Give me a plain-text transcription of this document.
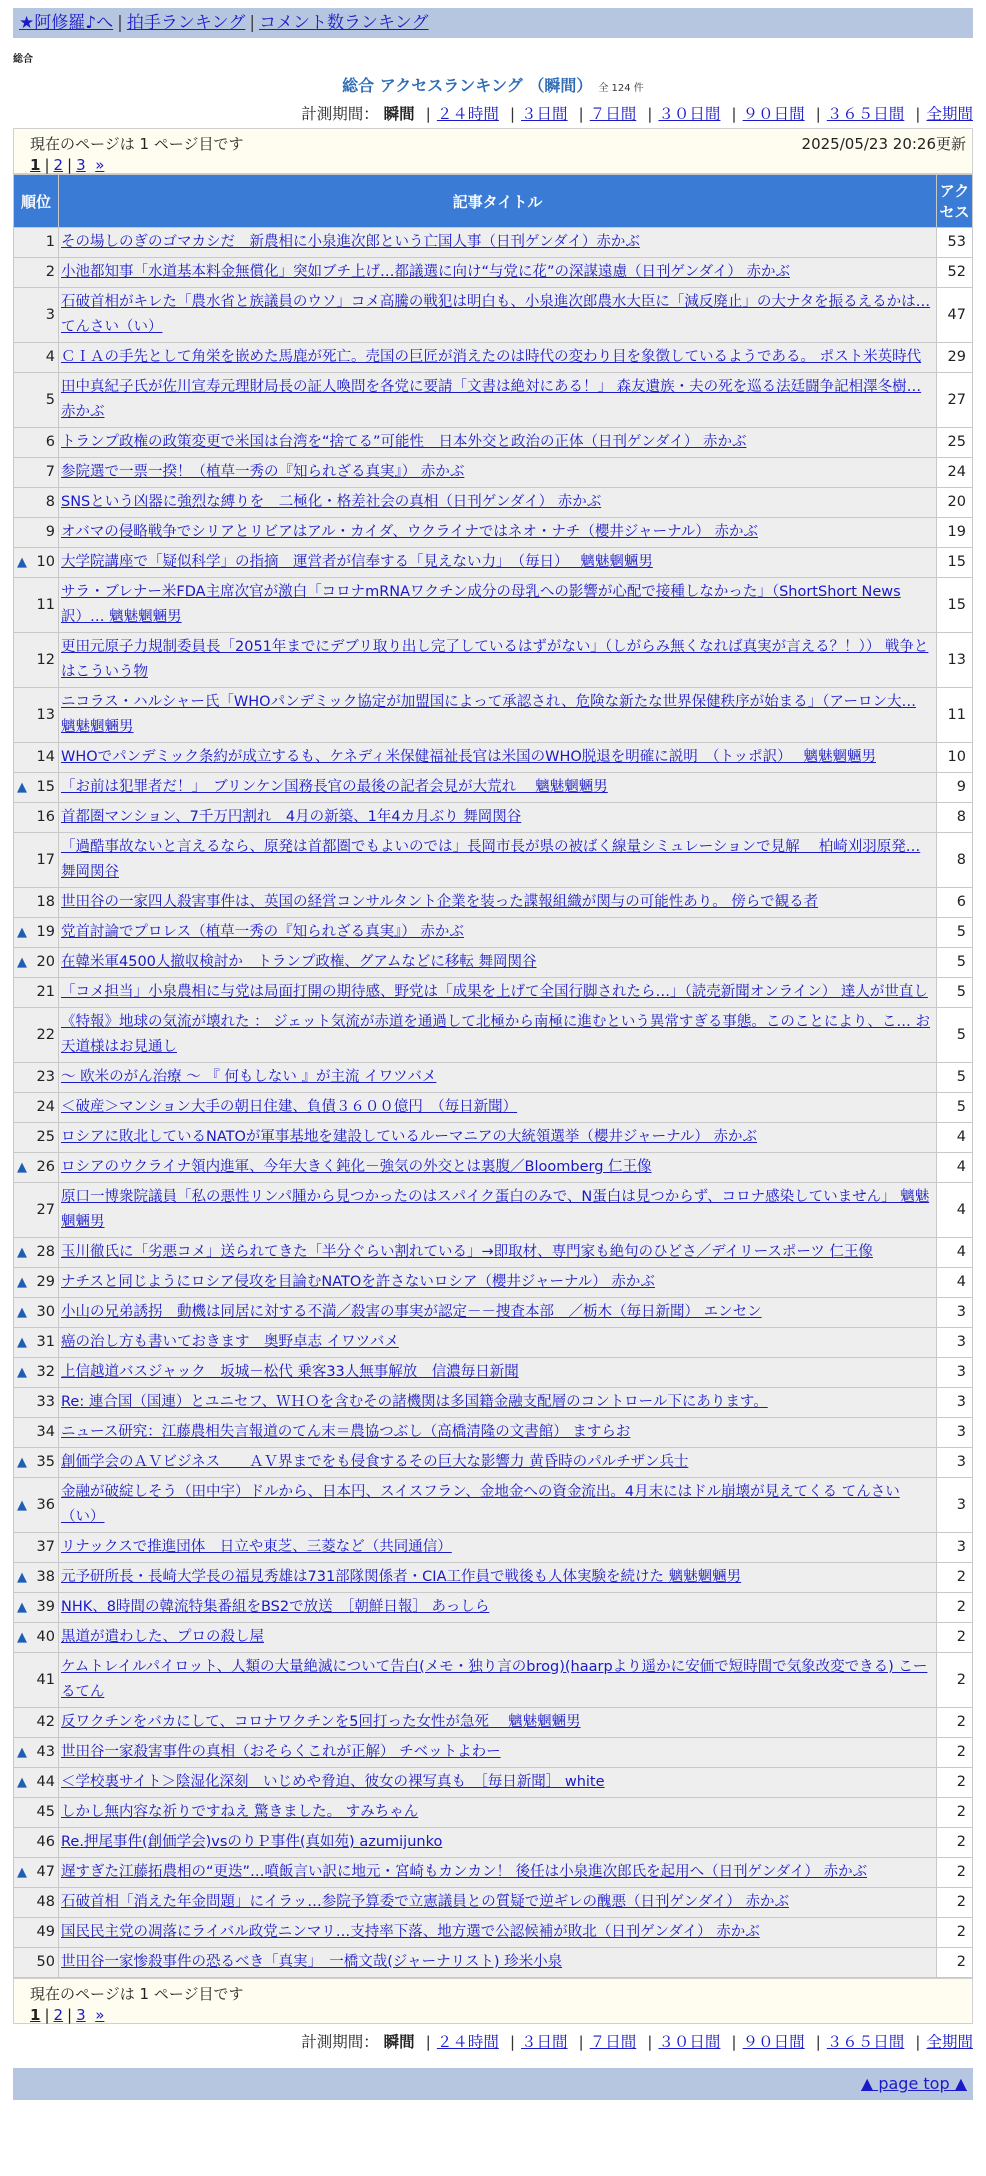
★阿修羅♪へ | 拍手ランキング | コメント数ランキング
総合
総合 アクセスランキング （瞬間） 全 124 件
計測期間： 瞬間 | ２４時間 | ３日間 | ７日間 | ３０日間 | ９０日間 | ３６５日間 | 全期間
現在のページは 1 ページ目です	2025/05/23 20:26更新
1 | 2 | 3 »
順位	記事タイトル	アクセス
1	その場しのぎのゴマカシだ　新農相に小泉進次郎という亡国人事（日刊ゲンダイ）赤かぶ	53
2	小池都知事「水道基本料金無償化」突如ブチ上げ…都議選に向け“与党に花”の深謀遠慮（日刊ゲンダイ） 赤かぶ	52
3	石破首相がキレた「農水省と族議員のウソ」コメ高騰の戦犯は明白も、小泉進次郎農水大臣に「減反廃止」の大ナタを振るえるかは… てんさい（い）	47
4	ＣＩＡの手先として角栄を嵌めた馬鹿が死亡。売国の巨匠が消えたのは時代の変わり目を象徴しているようである。 ポスト米英時代	29
5	田中真紀子氏が佐川宣寿元理財局長の証人喚問を各党に要請「文書は絶対にある！」 森友遺族・夫の死を巡る法廷闘争記相澤冬樹… 赤かぶ	27
6	トランプ政権の政策変更で米国は台湾を“捨てる”可能性　日本外交と政治の正体（日刊ゲンダイ） 赤かぶ	25
7	参院選で一票一揆！（植草一秀の『知られざる真実』） 赤かぶ	24
8	SNSという凶器に強烈な縛りを　二極化・格差社会の真相（日刊ゲンダイ） 赤かぶ	20
9	オバマの侵略戦争でシリアとリビアはアル・カイダ、ウクライナではネオ・ナチ（櫻井ジャーナル） 赤かぶ	19

▲ 10	大学院講座で「疑似科学」の指摘　運営者が信奉する「見えない力」　（毎日）　 魑魅魍魎男	15
11	サラ・ブレナー米FDA主席次官が激白「コロナmRNAワクチン成分の母乳への影響が心配で接種しなかった」（ShortShort News訳）… 魑魅魍魎男	15
12	更田元原子力規制委員長「2051年までにデブリ取り出し完了しているはずがない」（しがらみ無くなれば真実が言える？！）） 戦争とはこういう物	13
13	ニコラス・ハルシャー氏「WHOパンデミック協定が加盟国によって承認され、危険な新たな世界保健秩序が始まる」（アーロン大… 魑魅魍魎男	11
14	WHOでパンデミック条約が成立するも、ケネディ米保健福祉長官は米国のWHO脱退を明確に説明　（トッポ訳）　 魑魅魍魎男	10

▲ 15	「お前は犯罪者だ！」　ブリンケン国務長官の最後の記者会見が大荒れ　 魑魅魍魎男	9
16	首都圏マンション、7千万円割れ　4月の新築、1年4カ月ぶり 舞岡関谷	8
17	「過酷事故ないと言えるなら、原発は首都圏でもよいのでは」長岡市長が県の被ばく線量シミュレーションで見解　 柏崎刈羽原発… 舞岡関谷	8
18	世田谷の一家四人殺害事件は、英国の経営コンサルタント企業を装った諜報組織が関与の可能性あり。 傍らで観る者	6

▲ 19	党首討論でプロレス（植草一秀の『知られざる真実』） 赤かぶ	5

▲ 20	在韓米軍4500人撤収検討か　トランプ政権、グアムなどに移転 舞岡関谷	5
21	「コメ担当」小泉農相に与党は局面打開の期待感、野党は「成果を上げて全国行脚されたら…」（読売新聞オンライン） 達人が世直し	5
22	《特報》地球の気流が壊れた ： ジェット気流が赤道を通過して北極から南極に進むという異常すぎる事態。このことにより、こ… お天道様はお見通し	5
23	～ 欧米のがん治療 ～ 『 何もしない 』が主流 イワツバメ	5
24	＜破産＞マンション大手の朝日住建、負債３６００億円　（毎日新聞）	5
25	ロシアに敗北しているNATOが軍事基地を建設しているルーマニアの大統領選挙（櫻井ジャーナル） 赤かぶ	4

▲ 26	ロシアのウクライナ領内進軍、今年大きく鈍化－強気の外交とは裏腹／Bloomberg 仁王像	4
27	原口一博衆院議員「私の悪性リンパ腫から見つかったのはスパイク蛋白のみで、N蛋白は見つからず、コロナ感染していません」 魑魅魍魎男	4

▲ 28	玉川徹氏に「劣悪コメ」送られてきた「半分ぐらい割れている」→即取材、専門家も絶句のひどさ／デイリースポーツ 仁王像	4

▲ 29	ナチスと同じようにロシア侵攻を目論むNATOを許さないロシア（櫻井ジャーナル） 赤かぶ	4

▲ 30	小山の兄弟誘拐　動機は同居に対する不満／殺害の事実が認定－－捜査本部　／栃木（毎日新聞） エンセン	3

▲ 31	癌の治し方も書いておきます　奥野卓志 イワツバメ	3

▲ 32	上信越道バスジャック　坂城－松代 乗客33人無事解放　信濃毎日新聞	3
33	Re: 連合国（国連）とユニセフ、ＷＨＯを含むその諸機関は多国籍金融支配層のコントロール下にあります。	3
34	ニュース研究：江藤農相失言報道のてん末＝農協つぶし（高橋清隆の文書館） ますらお	3

▲ 35	創価学会のＡＶビジネス　　ＡＶ界までをも侵食するその巨大な影響力 黄昏時のパルチザン兵士	3

▲ 36	金融が破綻しそう（田中宇）ドルから、日本円、スイスフラン、金地金への資金流出。4月末にはドル崩壊が見えてくる てんさい（い）	3
37	リナックスで推進団体　日立や東芝、三菱など（共同通信）	3

▲ 38	元予研所長・長崎大学長の福見秀雄は731部隊関係者・CIA工作員で戦後も人体実験を続けた 魑魅魍魎男	2

▲ 39	NHK、8時間の韓流特集番組をBS2で放送　［朝鮮日報］ あっしら	2

▲ 40	黒道が遣わした、プロの殺し屋	2
41	ケムトレイルパイロット、人類の大量絶滅について告白(メモ・独り言のbrog)(haarpより遥かに安価で短時間で気象改変できる) こーるてん	2
42	反ワクチンをバカにして、コロナワクチンを5回打った女性が急死　 魑魅魍魎男	2

▲ 43	世田谷一家殺害事件の真相（おそらくこれが正解） チベットよわー	2

▲ 44	＜学校裏サイト＞陰湿化深刻　いじめや脅迫、彼女の裸写真も　［毎日新聞］ white	2
45	しかし無内容な祈りですねえ 驚きました。 すみちゃん	2
46	Re.押尾事件(創価学会)vsのりＰ事件(真如苑) azumijunko	2

▲ 47	遅すぎた江藤拓農相の“更迭”…噴飯言い訳に地元・宮崎もカンカン！ 後任は小泉進次郎氏を起用へ（日刊ゲンダイ） 赤かぶ	2
48	石破首相「消えた年金問題」にイラッ…参院予算委で立憲議員との質疑で逆ギレの醜悪（日刊ゲンダイ） 赤かぶ	2
49	国民民主党の凋落にライバル政党ニンマリ…支持率下落、地方選で公認候補が敗北（日刊ゲンダイ） 赤かぶ	2
50	世田谷一家惨殺事件の恐るべき「真実」　一橋文哉(ジャーナリスト) 珍米小泉	2
現在のページは 1 ページ目です
1 | 2 | 3 »
計測期間： 瞬間 | ２４時間 | ３日間 | ７日間 | ３０日間 | ９０日間 | ３６５日間 | 全期間
▲ page top ▲
